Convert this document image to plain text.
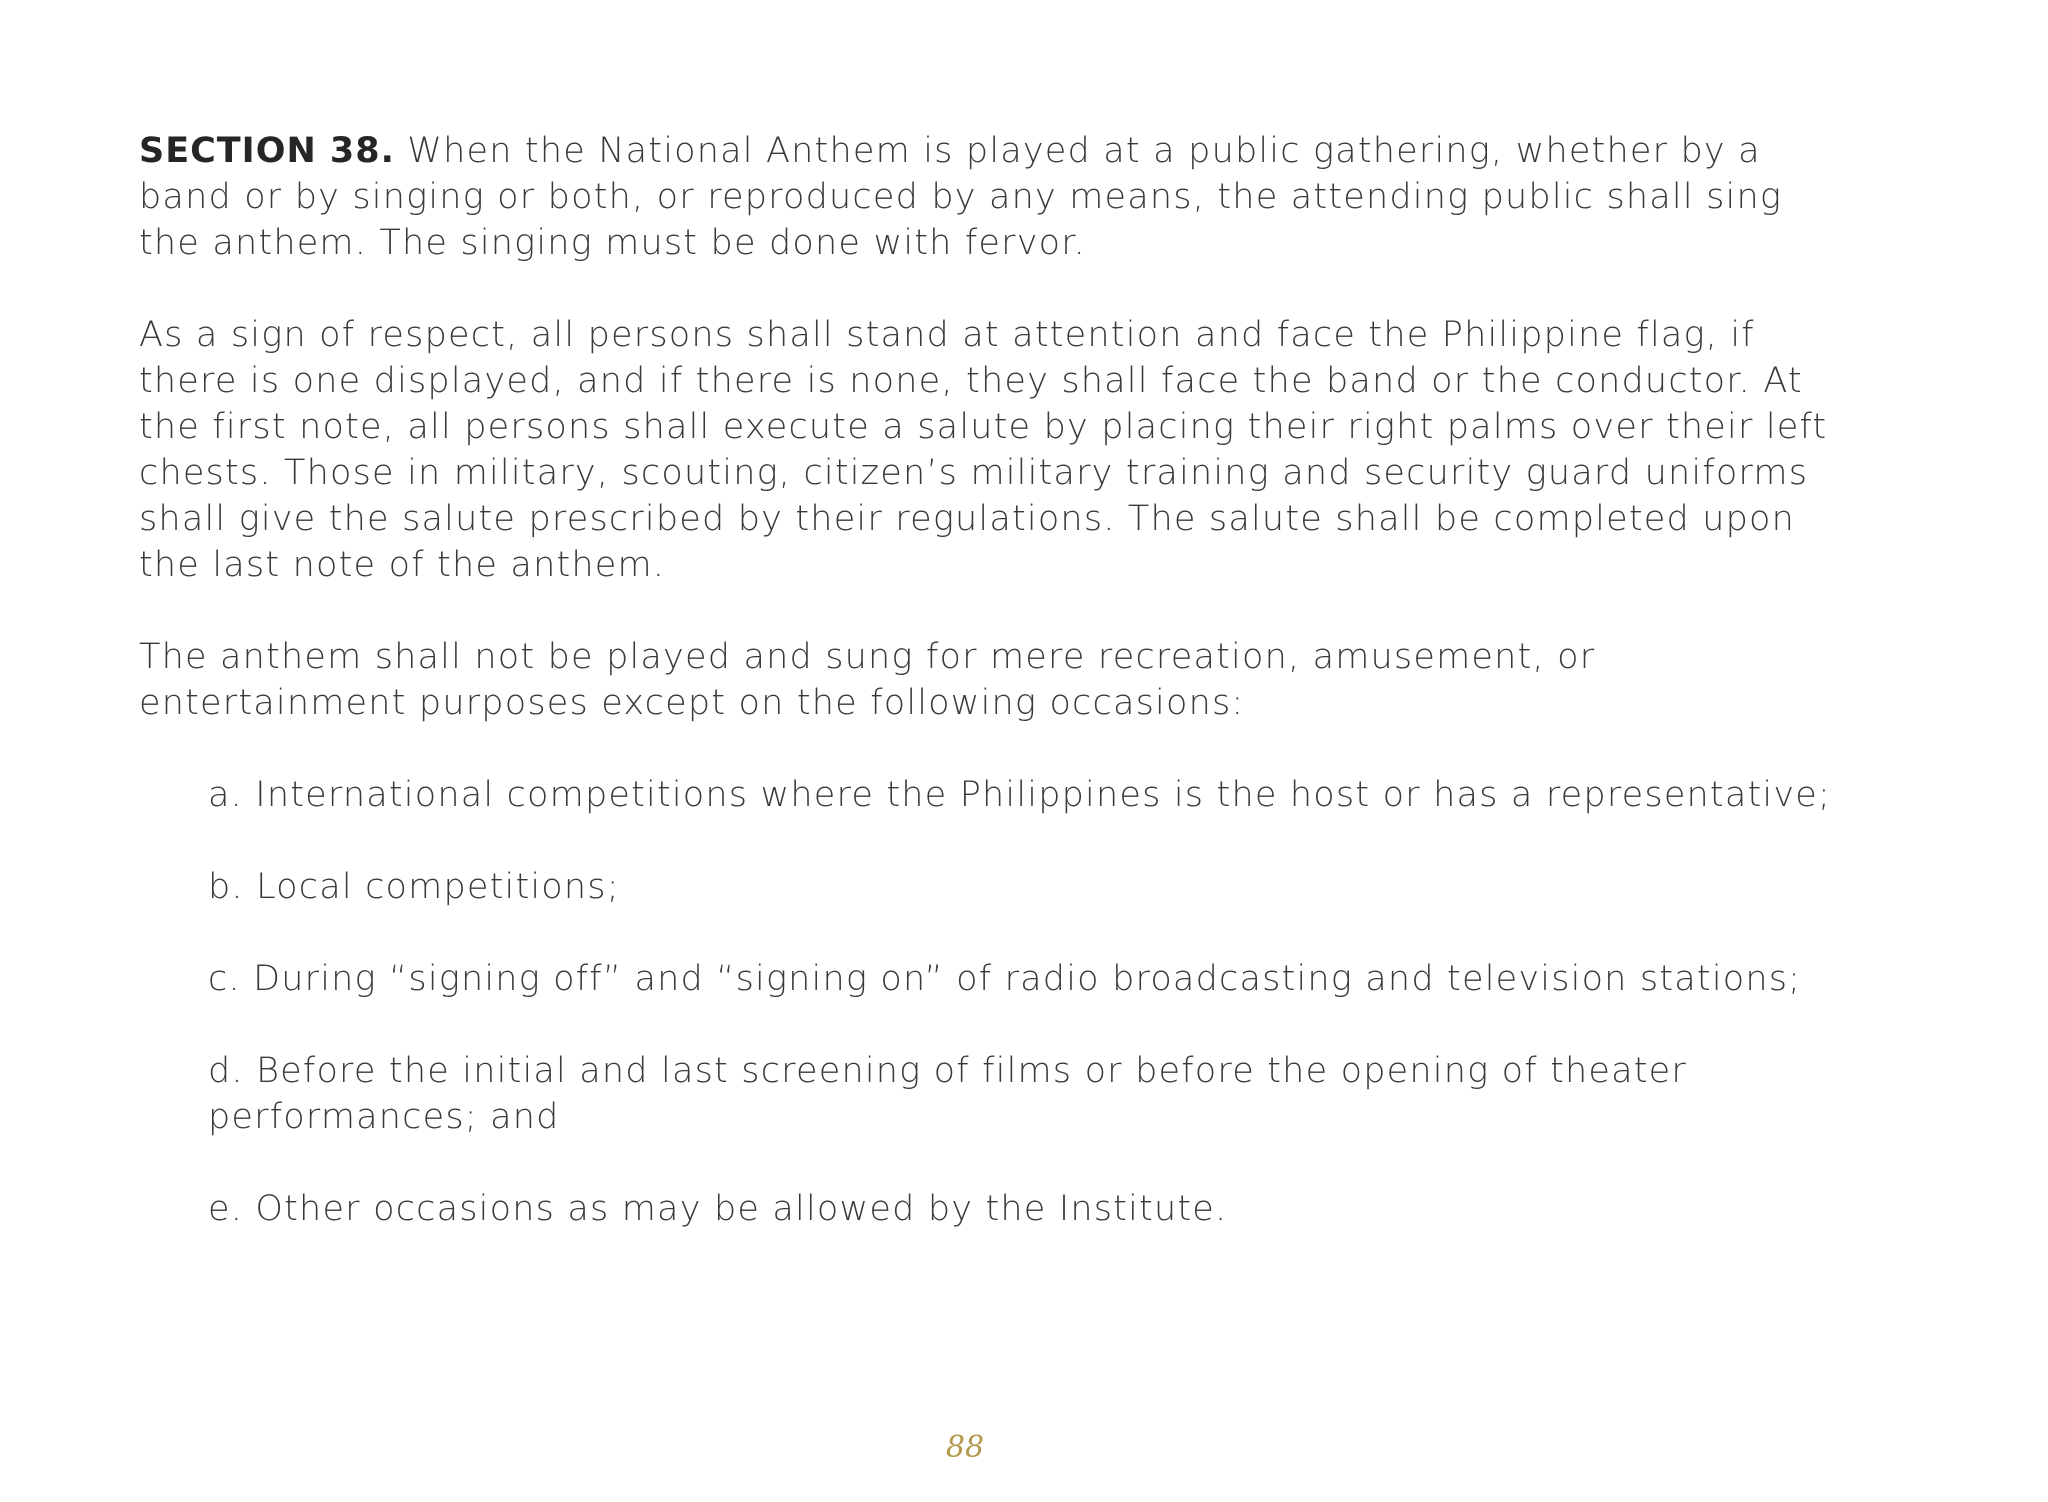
SECTION 38. When the National Anthem is played at a public gathering, whether by a band or by singing or both, or reproduced by any means, the attending public shall sing the anthem. The singing must be done with fervor.

As a sign of respect, all persons shall stand at attention and face the Philippine flag, if there is one displayed, and if there is none, they shall face the band or the conductor. At the first note, all persons shall execute a salute by placing their right palms over their left chests. Those in military, scouting, citizen’s military training and security guard uniforms shall give the salute prescribed by their regulations. The salute shall be completed upon the last note of the anthem.

The anthem shall not be played and sung for mere recreation, amusement, or entertainment purposes except on the following occasions:

a. International competitions where the Philippines is the host or has a representative;
b. Local competitions;
c. During “signing off” and “signing on” of radio broadcasting and television stations;
d. Before the initial and last screening of films or before the opening of theater performances; and
e. Other occasions as may be allowed by the Institute.
88
